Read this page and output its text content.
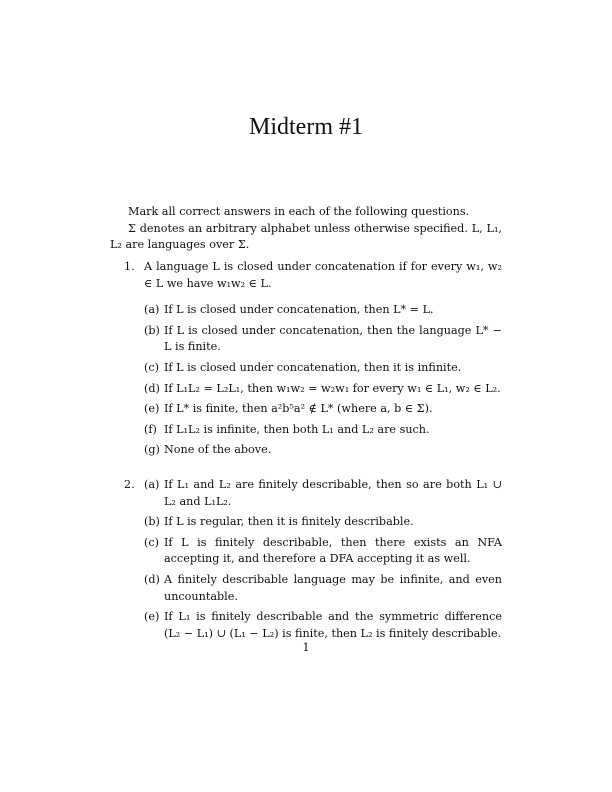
Midterm #1

Mark all correct answers in each of the following questions.

Σ denotes an arbitrary alphabet unless otherwise specified. L, L₁, L₂ are languages over Σ.

1. A language L is closed under concatenation if for every w₁, w₂ ∈ L we have w₁w₂ ∈ L.
(a) If L is closed under concatenation, then L* = L.
(b) If L is closed under concatenation, then the language L* − L is finite.
(c) If L is closed under concatenation, then it is infinite.
(d) If L₁L₂ = L₂L₁, then w₁w₂ = w₂w₁ for every w₁ ∈ L₁, w₂ ∈ L₂.
(e) If L* is finite, then a²b⁵a² ∉ L* (where a, b ∈ Σ).
(f) If L₁L₂ is infinite, then both L₁ and L₂ are such.
(g) None of the above.
2. (a) If L₁ and L₂ are finitely describable, then so are both L₁ ∪ L₂ and L₁L₂.
(b) If L is regular, then it is finitely describable.
(c) If L is finitely describable, then there exists an NFA accepting it, and therefore a DFA accepting it as well.
(d) A finitely describable language may be infinite, and even uncountable.
(e) If L₁ is finitely describable and the symmetric difference (L₂ − L₁) ∪ (L₁ − L₂) is finite, then L₂ is finitely describable.
1
